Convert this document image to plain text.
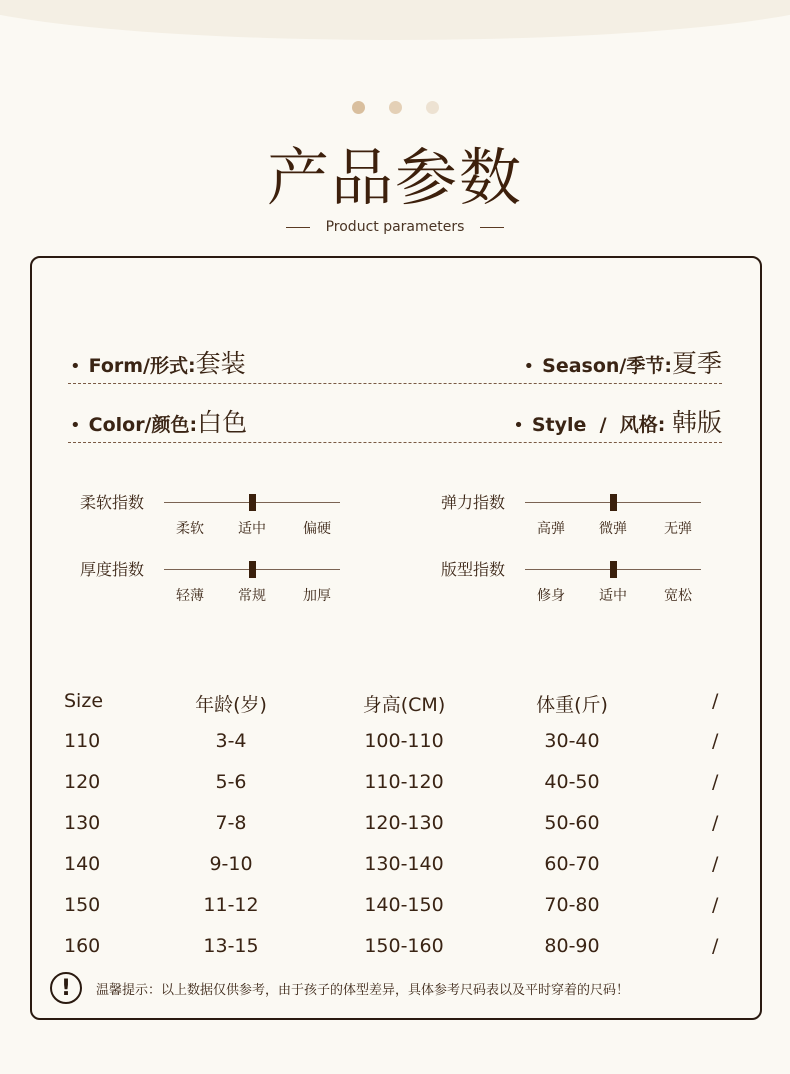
产品参数
Product parameters
• Form/形式: 套装	• Season/季节: 夏季
• Color/颜色: 白色	• Style  /  风格: 韩版
柔软指数
柔软	适中	偏硬
弹力指数
高弹	微弹	无弹
厚度指数
轻薄	常规	加厚
版型指数
修身	适中	宽松
Size	年龄(岁)	身高(CM)	体重(斤)	/
110	3-4	100-110	30-40	/
120	5-6	110-120	40-50	/
130	7-8	120-130	50-60	/
140	9-10	130-140	60-70	/
150	11-12	140-150	70-80	/
160	13-15	150-160	80-90	/
!	温馨提示：以上数据仅供参考，由于孩子的体型差异，具体参考尺码表以及平时穿着的尺码！
